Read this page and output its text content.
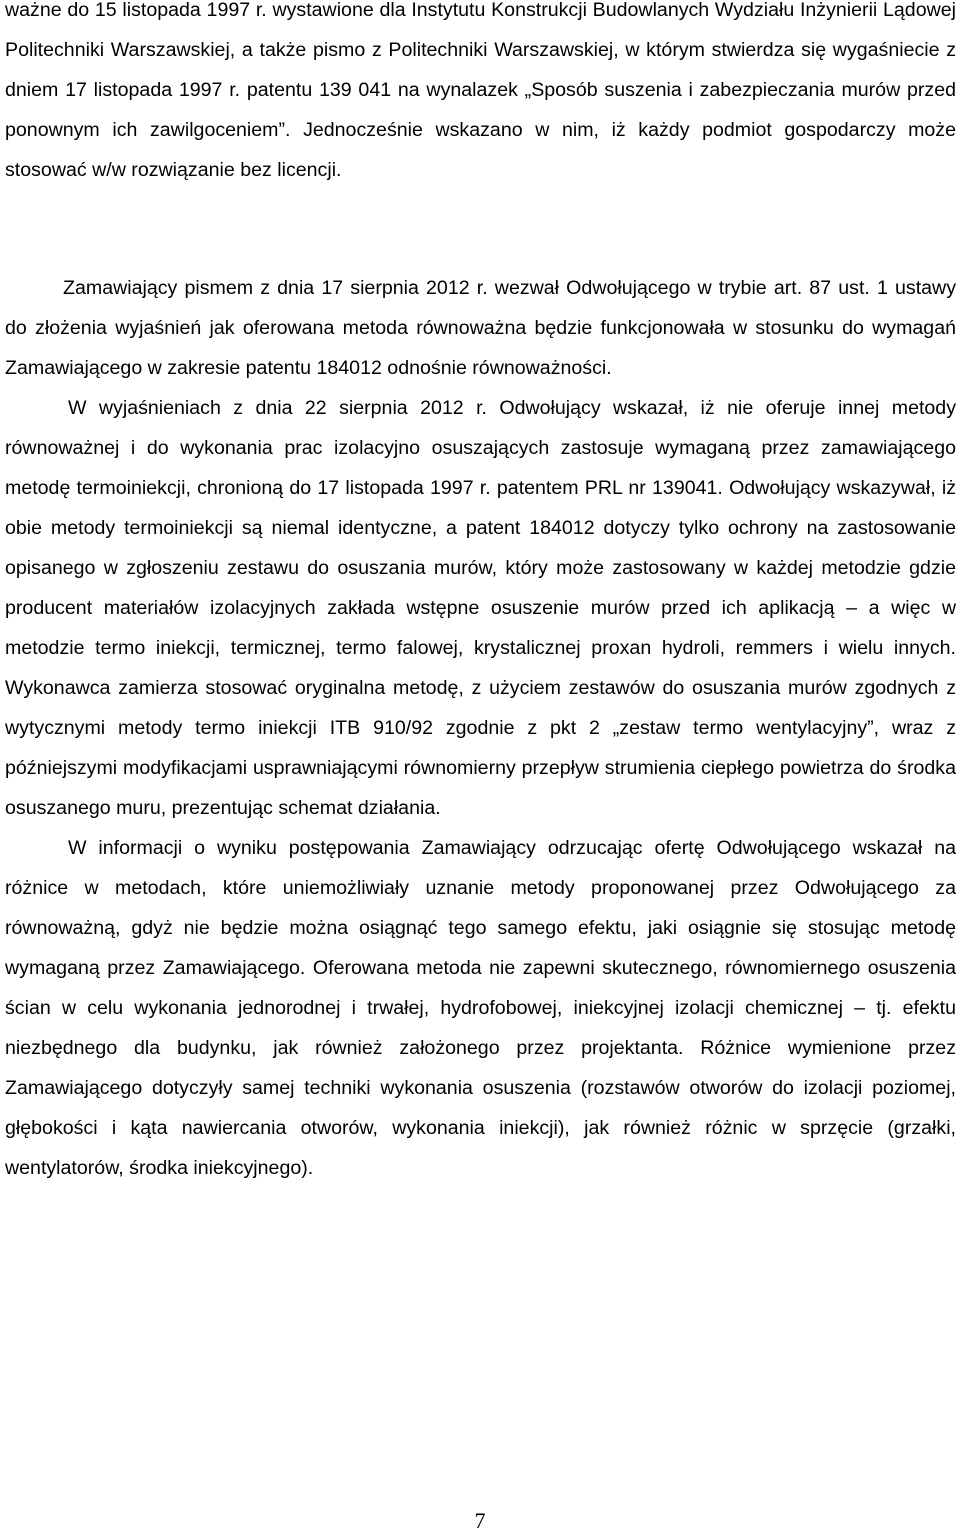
ważne do 15 listopada 1997 r. wystawione dla Instytutu Konstrukcji Budowlanych Wydziału Inżynierii Lądowej Politechniki Warszawskiej, a także pismo z Politechniki Warszawskiej, w którym stwierdza się wygaśniecie z dniem 17 listopada 1997 r. patentu 139 041 na wynalazek „Sposób suszenia i zabezpieczania murów przed ponownym ich zawilgoceniem”. Jednocześnie wskazano w nim, iż każdy podmiot gospodarczy może stosować w/w rozwiązanie bez licencji.

Zamawiający pismem z dnia 17 sierpnia 2012 r. wezwał Odwołującego w trybie art. 87 ust. 1 ustawy do złożenia wyjaśnień jak oferowana metoda równoważna będzie funkcjonowała w stosunku do wymagań Zamawiającego w zakresie patentu 184012 odnośnie równoważności.

W wyjaśnieniach z dnia 22 sierpnia 2012 r. Odwołujący wskazał, iż nie oferuje innej metody równoważnej i do wykonania prac izolacyjno osuszających zastosuje wymaganą przez zamawiającego metodę termoiniekcji, chronioną do 17 listopada 1997 r. patentem PRL nr 139041. Odwołujący wskazywał, iż obie metody termoiniekcji są niemal identyczne, a patent 184012 dotyczy tylko ochrony na zastosowanie opisanego w zgłoszeniu zestawu do osuszania murów, który może zastosowany w każdej metodzie gdzie producent materiałów izolacyjnych zakłada wstępne osuszenie murów przed ich aplikacją – a więc w metodzie termo iniekcji, termicznej, termo falowej, krystalicznej proxan hydroli, remmers i wielu innych. Wykonawca zamierza stosować oryginalna metodę, z użyciem zestawów do osuszania murów zgodnych z wytycznymi metody termo iniekcji ITB 910/92 zgodnie z pkt 2 „zestaw termo wentylacyjny”, wraz z późniejszymi modyfikacjami usprawniającymi równomierny przepływ strumienia ciepłego powietrza do środka osuszanego muru, prezentując schemat działania.

W informacji o wyniku postępowania Zamawiający odrzucając ofertę Odwołującego wskazał na różnice w metodach, które uniemożliwiały uznanie metody proponowanej przez Odwołującego za równoważną, gdyż nie będzie można osiągnąć tego samego efektu, jaki osiągnie się stosując metodę wymaganą przez Zamawiającego. Oferowana metoda nie zapewni skutecznego, równomiernego osuszenia ścian w celu wykonania jednorodnej i trwałej, hydrofobowej, iniekcyjnej izolacji chemicznej – tj. efektu niezbędnego dla budynku, jak również założonego przez projektanta. Różnice wymienione przez Zamawiającego dotyczyły samej techniki wykonania osuszenia (rozstawów otworów do izolacji poziomej, głębokości i kąta nawiercania otworów, wykonania iniekcji), jak również różnic w sprzęcie (grzałki, wentylatorów, środka iniekcyjnego).

7
